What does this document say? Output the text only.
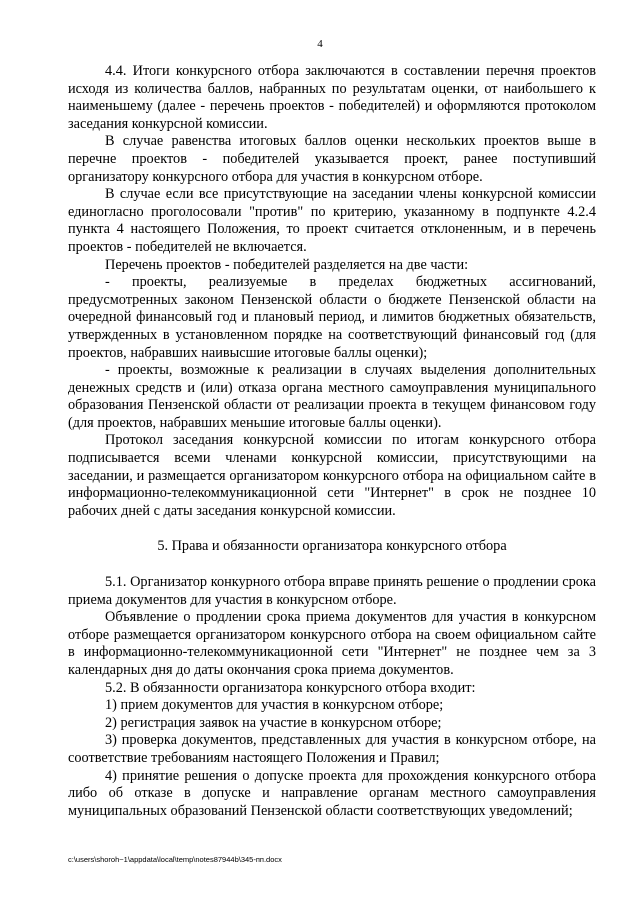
4

4.4. Итоги конкурсного отбора заключаются в составлении перечня проектов исходя из количества баллов, набранных по результатам оценки, от наибольшего к наименьшему (далее - перечень проектов - победителей) и оформляются протоколом заседания конкурсной комиссии.

В случае равенства итоговых баллов оценки нескольких проектов выше в перечне проектов - победителей указывается проект, ранее поступивший организатору конкурсного отбора для участия в конкурсном отборе.

В случае если все присутствующие на заседании члены конкурсной комиссии единогласно проголосовали "против" по критерию, указанному в подпункте 4.2.4 пункта 4 настоящего Положения, то проект считается отклоненным, и в перечень проектов - победителей не включается.

Перечень проектов - победителей разделяется на две части:

- проекты, реализуемые в пределах бюджетных ассигнований, предусмотренных законом Пензенской области о бюджете Пензенской области на очередной финансовый год и плановый период, и лимитов бюджетных обязательств, утвержденных в установленном порядке на соответствующий финансовый год (для проектов, набравших наивысшие итоговые баллы оценки);

- проекты, возможные к реализации в случаях выделения дополнительных денежных средств и (или) отказа органа местного самоуправления муниципального образования Пензенской области от реализации проекта в текущем финансовом году (для проектов, набравших меньшие итоговые баллы оценки).

Протокол заседания конкурсной комиссии по итогам конкурсного отбора подписывается всеми членами конкурсной комиссии, присутствующими на заседании, и размещается организатором конкурсного отбора на официальном сайте в информационно-телекоммуникационной сети "Интернет" в срок не позднее 10 рабочих дней с даты заседания конкурсной комиссии.

5. Права и обязанности организатора конкурсного отбора

5.1. Организатор конкурного отбора вправе принять решение о продлении срока приема документов для участия в конкурсном отборе.

Объявление о продлении срока приема документов для участия в конкурсном отборе размещается организатором конкурсного отбора на своем официальном сайте в информационно-телекоммуникационной сети "Интернет" не позднее чем за 3 календарных дня до даты окончания срока приема документов.

5.2. В обязанности организатора конкурсного отбора входит:

1) прием документов для участия в конкурсном отборе;

2) регистрация заявок на участие в конкурсном отборе;

3) проверка документов, представленных для участия в конкурсном отборе, на соответствие требованиям настоящего Положения и Правил;

4) принятие решения о допуске проекта для прохождения конкурсного отбора либо об отказе в допуске и направление органам местного самоуправления муниципальных образований Пензенской области соответствующих уведомлений;

c:\users\shoroh~1\appdata\local\temp\notes87944b\345-пп.docx
